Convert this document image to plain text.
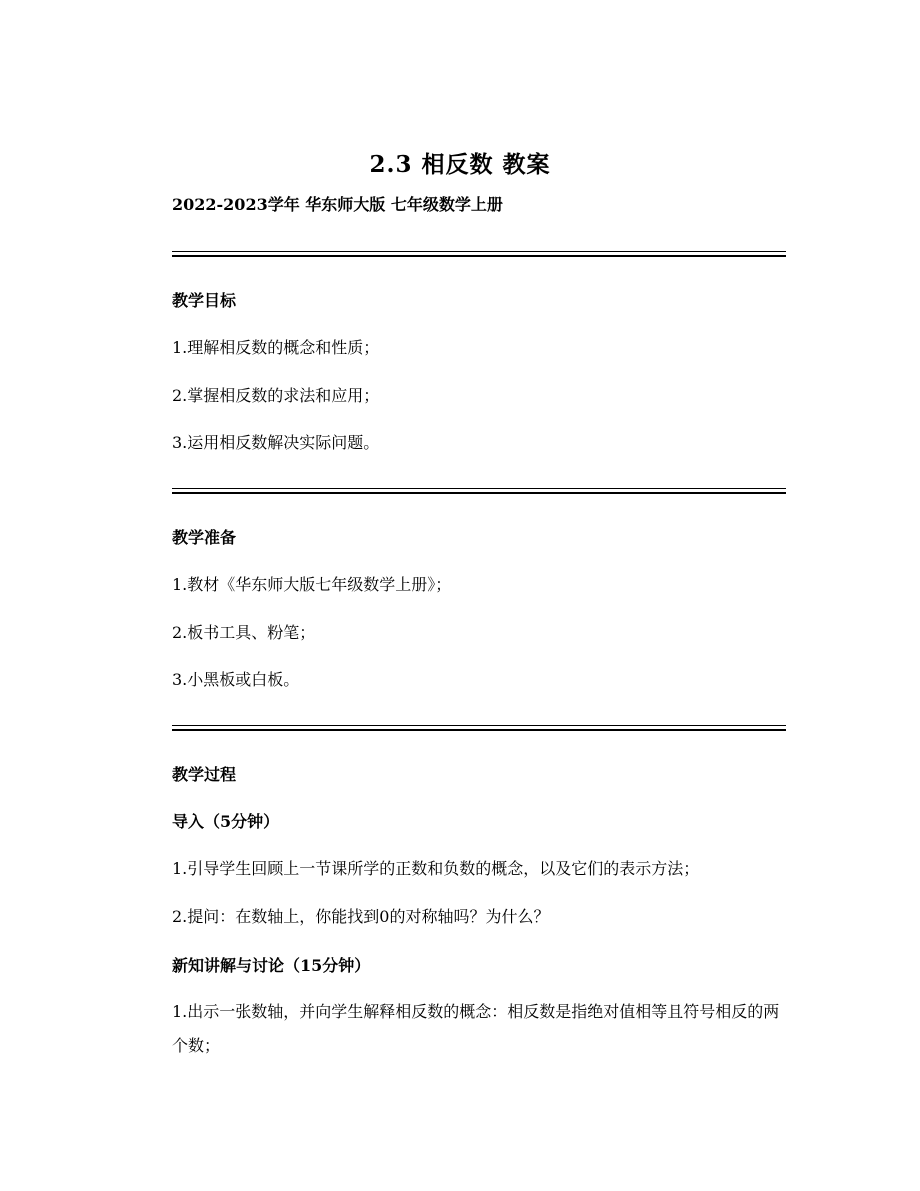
2.3 相反数 教案
2022-2023学年 华东师大版 七年级数学上册
教学目标
1.理解相反数的概念和性质；
2.掌握相反数的求法和应用；
3.运用相反数解决实际问题。
教学准备
1.教材《华东师大版七年级数学上册》；
2.板书工具、粉笔；
3.小黑板或白板。
教学过程
导入（5分钟）
1.引导学生回顾上一节课所学的正数和负数的概念，以及它们的表示方法；
2.提问：在数轴上，你能找到0的对称轴吗？为什么？
新知讲解与讨论（15分钟）
1.出示一张数轴，并向学生解释相反数的概念：相反数是指绝对值相等且符号相反的两个数；
